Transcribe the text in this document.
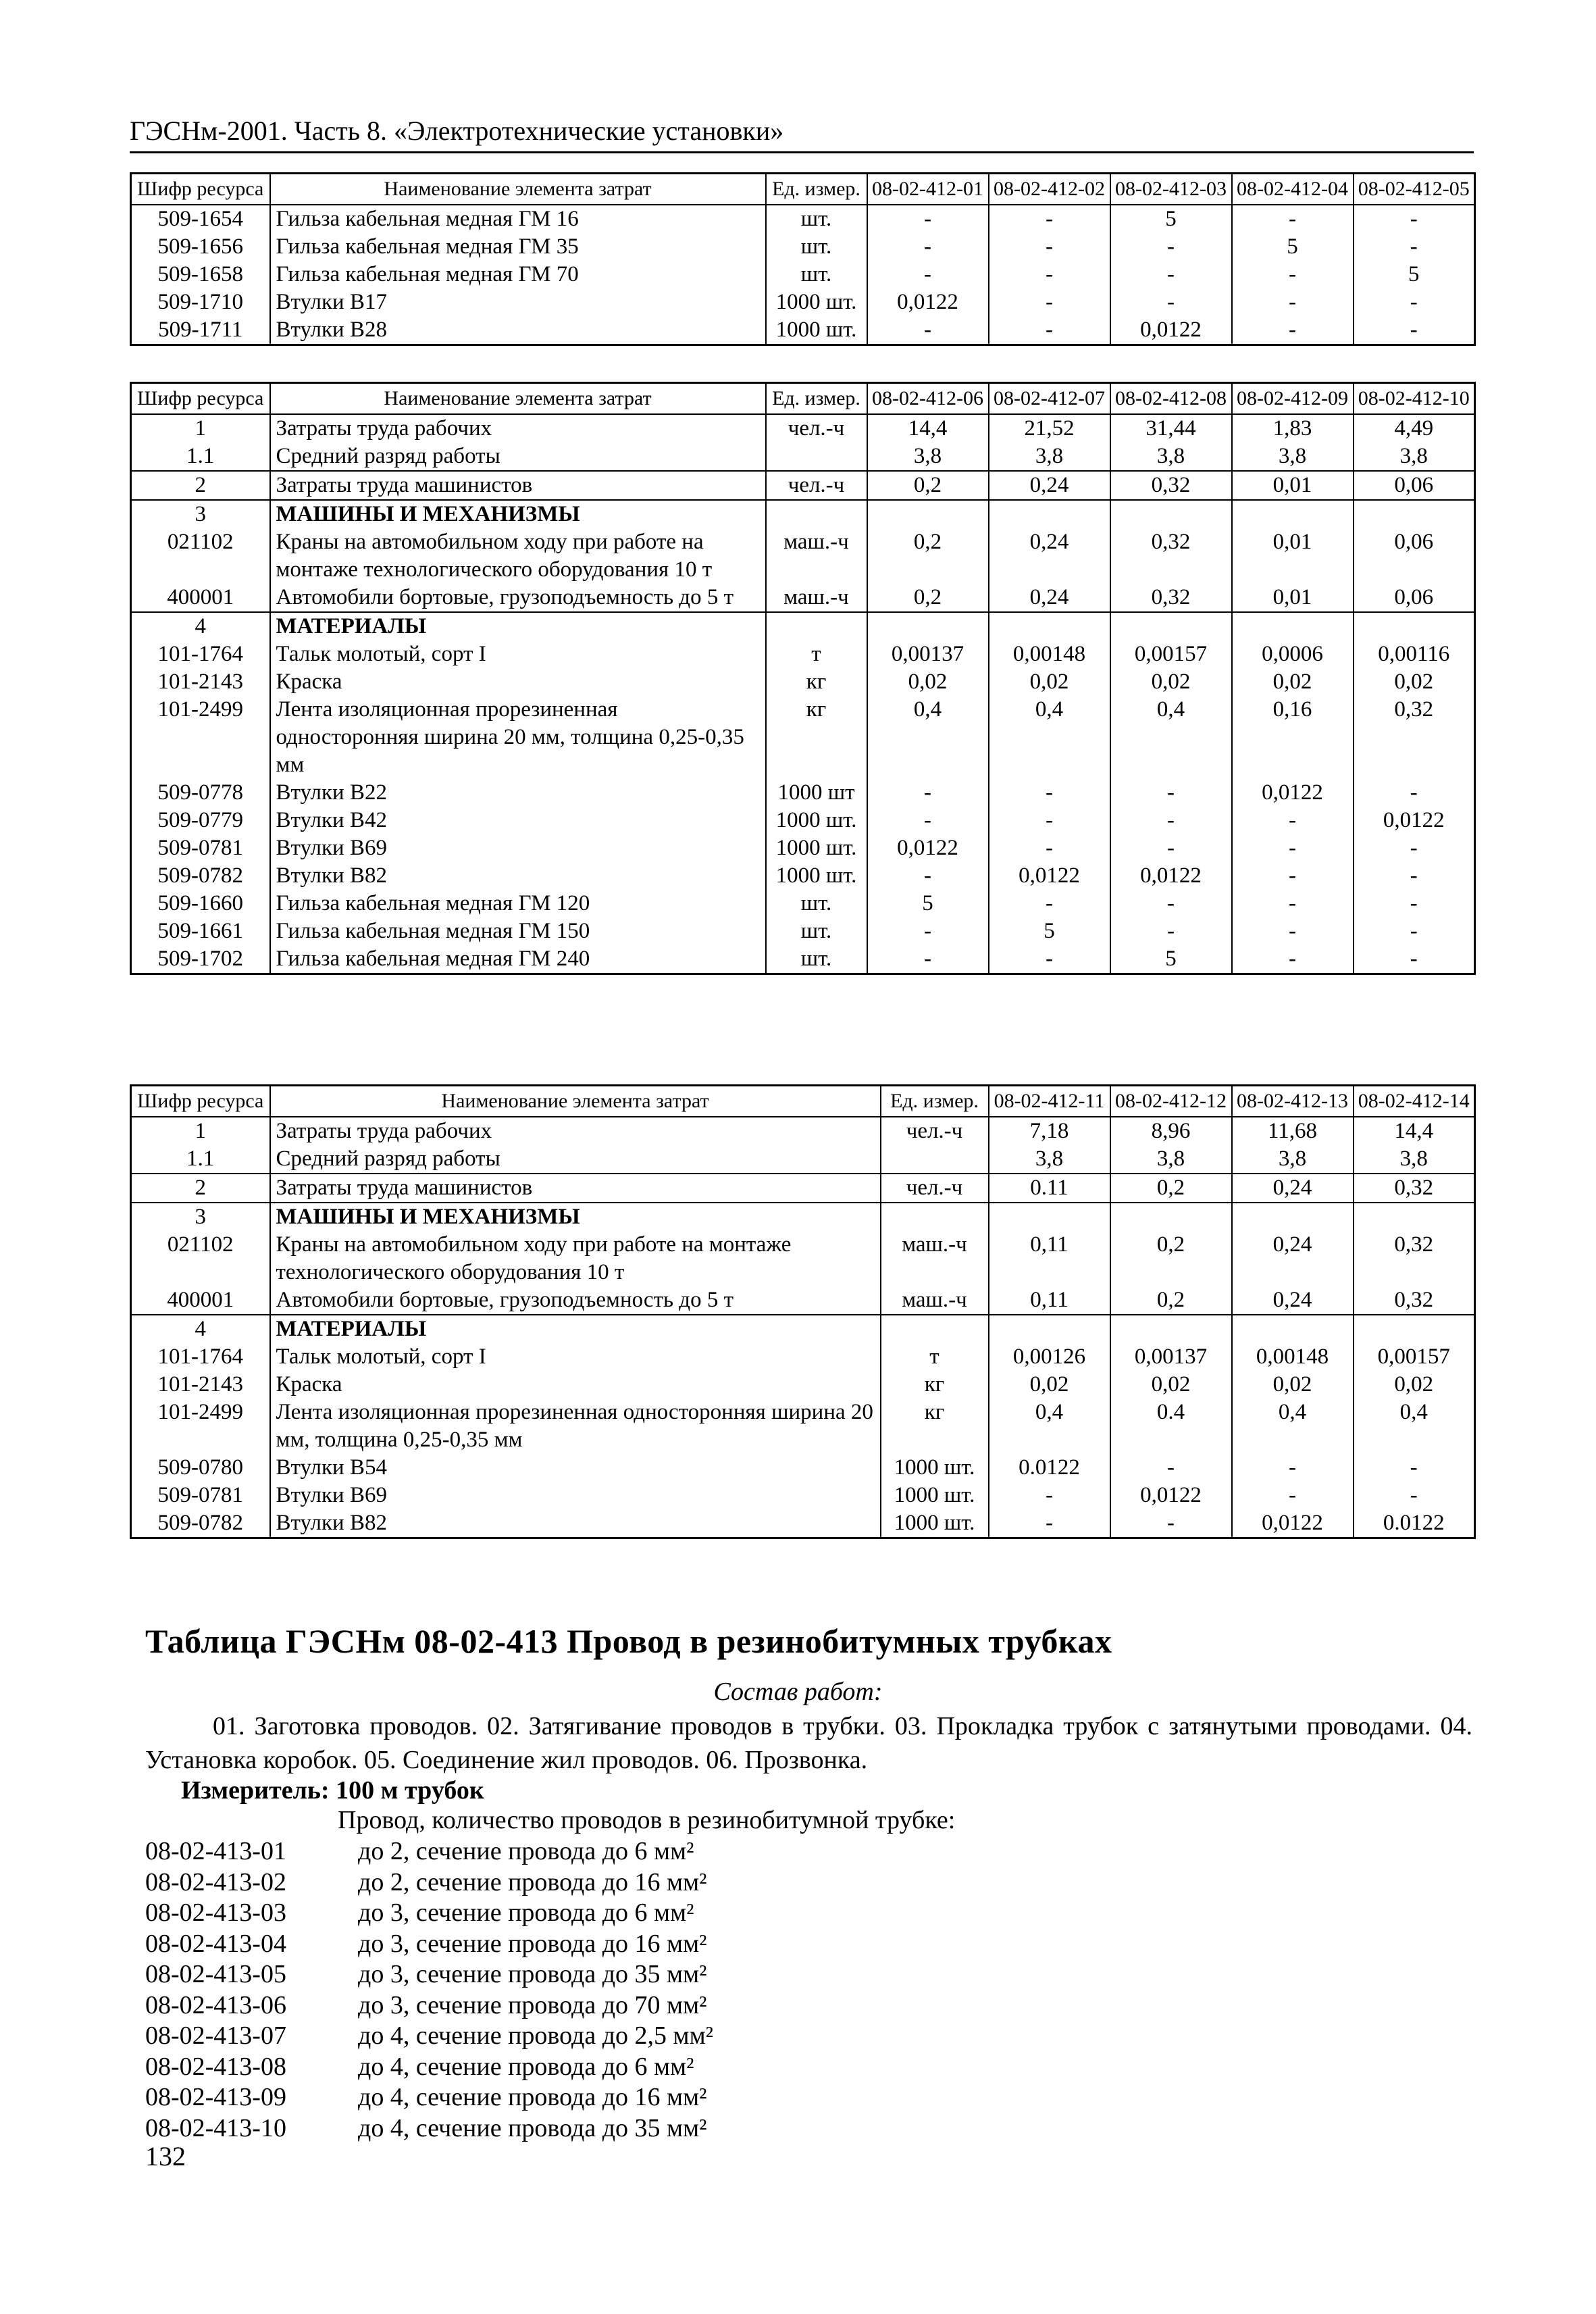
ГЭСНм-2001. Часть 8. «Электротехнические установки»
Шифр ресурса	Наименование элемента затрат	Ед. измер.	08-02-412-01	08-02-412-02	08-02-412-03	08-02-412-04	08-02-412-05
509-1654	Гильза кабельная медная ГМ 16	шт.	-	-	5	-	-
509-1656	Гильза кабельная медная ГМ 35	шт.	-	-	-	5	-
509-1658	Гильза кабельная медная ГМ 70	шт.	-	-	-	-	5
509-1710	Втулки В17	1000 шт.	0,0122	-	-	-	-
509-1711	Втулки В28	1000 шт.	-	-	0,0122	-	-
Шифр ресурса	Наименование элемента затрат	Ед. измер.	08-02-412-06	08-02-412-07	08-02-412-08	08-02-412-09	08-02-412-10
1	Затраты труда рабочих	чел.-ч	14,4	21,52	31,44	1,83	4,49
1.1	Средний разряд работы		3,8	3,8	3,8	3,8	3,8
2	Затраты труда машинистов	чел.-ч	0,2	0,24	0,32	0,01	0,06
3	МАШИНЫ И МЕХАНИЗМЫ						
021102	Краны на автомобильном ходу при работе на монтаже технологического оборудования 10 т	маш.-ч	0,2	0,24	0,32	0,01	0,06
400001	Автомобили бортовые, грузоподъемность до 5 т	маш.-ч	0,2	0,24	0,32	0,01	0,06
4	МАТЕРИАЛЫ						
101-1764	Тальк молотый, сорт I	т	0,00137	0,00148	0,00157	0,0006	0,00116
101-2143	Краска	кг	0,02	0,02	0,02	0,02	0,02
101-2499	Лента изоляционная прорезиненная односторонняя ширина 20 мм, толщина 0,25-0,35 мм	кг	0,4	0,4	0,4	0,16	0,32
509-0778	Втулки В22	1000 шт	-	-	-	0,0122	-
509-0779	Втулки В42	1000 шт.	-	-	-	-	0,0122
509-0781	Втулки В69	1000 шт.	0,0122	-	-	-	-
509-0782	Втулки В82	1000 шт.	-	0,0122	0,0122	-	-
509-1660	Гильза кабельная медная ГМ 120	шт.	5	-	-	-	-
509-1661	Гильза кабельная медная ГМ 150	шт.	-	5	-	-	-
509-1702	Гильза кабельная медная ГМ 240	шт.	-	-	5	-	-
Шифр ресурса	Наименование элемента затрат	Ед. измер.	08-02-412-11	08-02-412-12	08-02-412-13	08-02-412-14
1	Затраты труда рабочих	чел.-ч	7,18	8,96	11,68	14,4
1.1	Средний разряд работы		3,8	3,8	3,8	3,8
2	Затраты труда машинистов	чел.-ч	0.11	0,2	0,24	0,32
3	МАШИНЫ И МЕХАНИЗМЫ					
021102	Краны на автомобильном ходу при работе на монтаже технологического оборудования 10 т	маш.-ч	0,11	0,2	0,24	0,32
400001	Автомобили бортовые, грузоподъемность до 5 т	маш.-ч	0,11	0,2	0,24	0,32
4	МАТЕРИАЛЫ					
101-1764	Тальк молотый, сорт I	т	0,00126	0,00137	0,00148	0,00157
101-2143	Краска	кг	0,02	0,02	0,02	0,02
101-2499	Лента изоляционная прорезиненная односторонняя ширина 20 мм, толщина 0,25-0,35 мм	кг	0,4	0.4	0,4	0,4
509-0780	Втулки В54	1000 шт.	0.0122	-	-	-
509-0781	Втулки В69	1000 шт.	-	0,0122	-	-
509-0782	Втулки В82	1000 шт.	-	-	0,0122	0.0122
Таблица ГЭСНм 08-02-413 Провод в резинобитумных трубках
Состав работ:
01. Заготовка проводов. 02. Затягивание проводов в трубки. 03. Прокладка трубок с затянутыми проводами. 04. Установка коробок. 05. Соединение жил проводов. 06. Прозвонка.
Измеритель: 100 м трубок
Провод, количество проводов в резинобитумной трубке:
08-02-413-01	до 2, сечение провода до 6 мм²
08-02-413-02	до 2, сечение провода до 16 мм²
08-02-413-03	до 3, сечение провода до 6 мм²
08-02-413-04	до 3, сечение провода до 16 мм²
08-02-413-05	до 3, сечение провода до 35 мм²
08-02-413-06	до 3, сечение провода до 70 мм²
08-02-413-07	до 4, сечение провода до 2,5 мм²
08-02-413-08	до 4, сечение провода до 6 мм²
08-02-413-09	до 4, сечение провода до 16 мм²
08-02-413-10	до 4, сечение провода до 35 мм²
132
